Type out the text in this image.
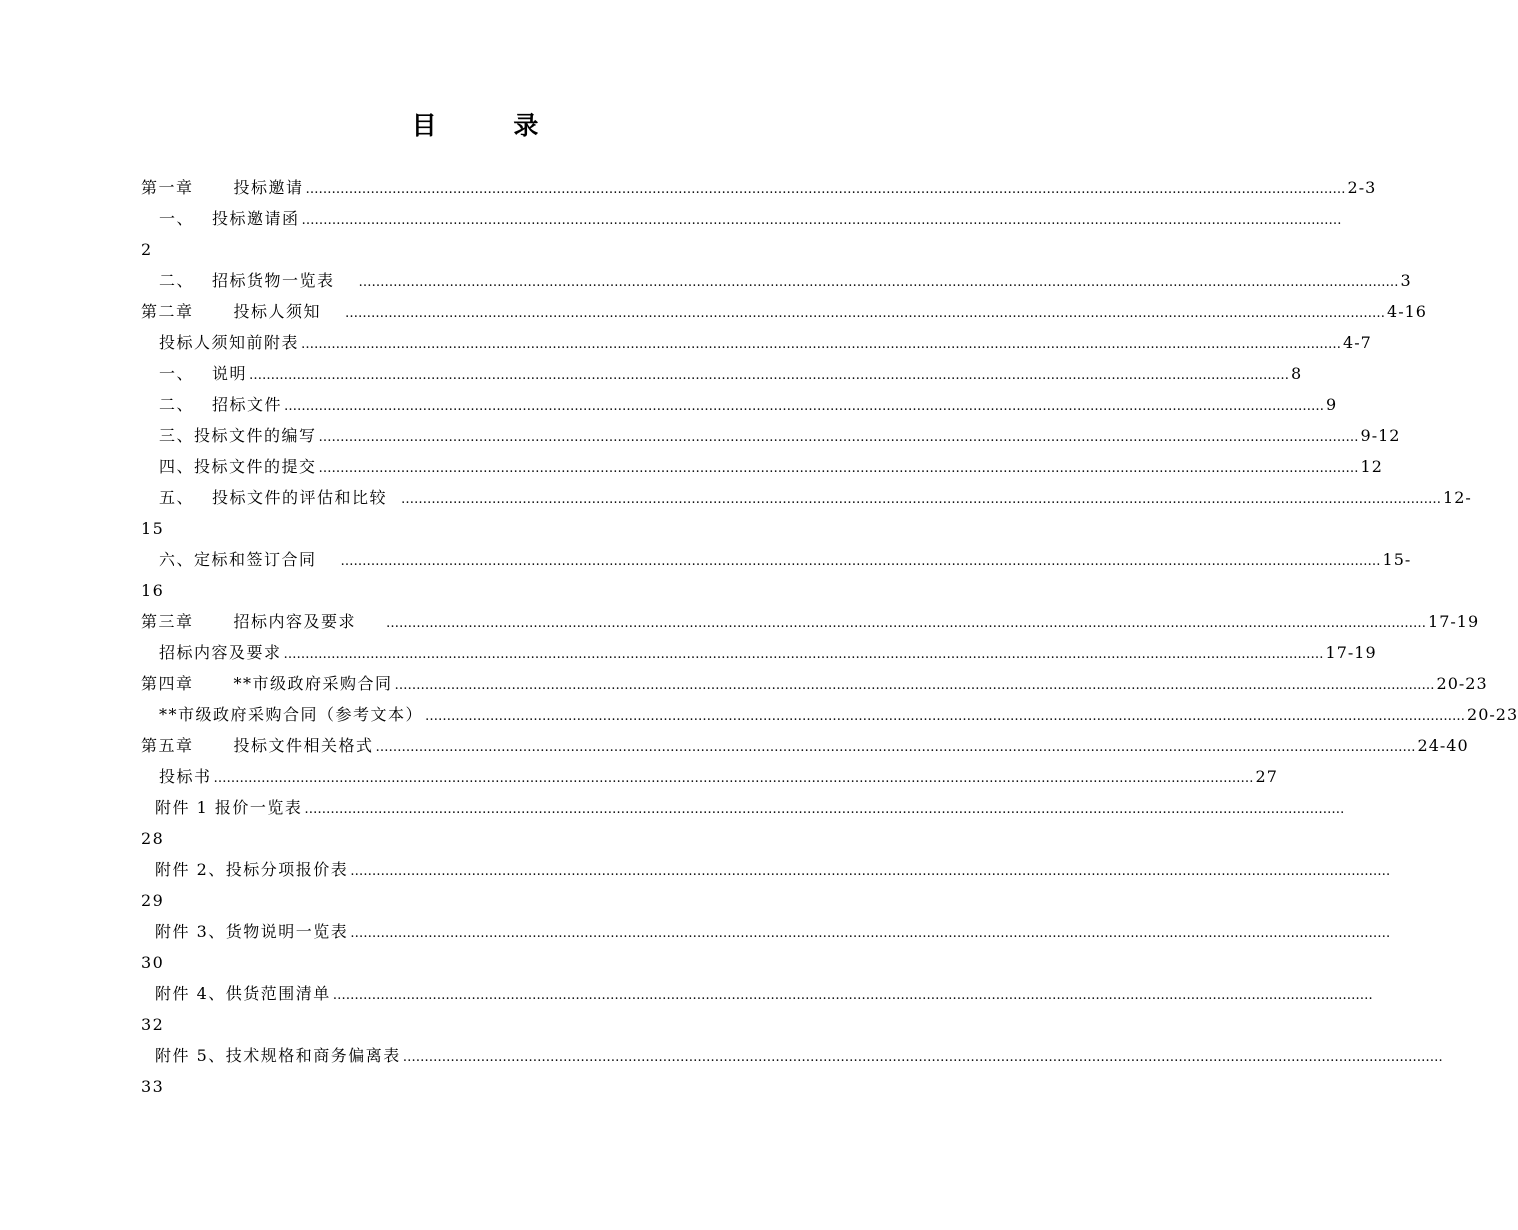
目 录
第一章	投标邀请 …………………………………………………………………………………………………………………………………………………………………………………………………………………… 2-3
一、 投标邀请函 ……………………………………………………………………………………………………………………………………………………………………………………………………………………
2
二、 招标货物一览表	…………………………………………………………………………………………………………………………………………………………………………………………………………………… 3
第二章	投标人须知	…………………………………………………………………………………………………………………………………………………………………………………………………………………… 4-16
投标人须知前附表 …………………………………………………………………………………………………………………………………………………………………………………………………………………… 4-7
一、 说明 …………………………………………………………………………………………………………………………………………………………………………………………………………………… 8
二、 招标文件 …………………………………………………………………………………………………………………………………………………………………………………………………………………… 9
三、投标文件的编写 …………………………………………………………………………………………………………………………………………………………………………………………………………………… 9-12
四、投标文件的提交 …………………………………………………………………………………………………………………………………………………………………………………………………………………… 12
五、 投标文件的评估和比较	…………………………………………………………………………………………………………………………………………………………………………………………………………………… 12-
15
六、定标和签订合同	…………………………………………………………………………………………………………………………………………………………………………………………………………………… 15-
16
第三章	招标内容及要求	…………………………………………………………………………………………………………………………………………………………………………………………………………………… 17-19
招标内容及要求 …………………………………………………………………………………………………………………………………………………………………………………………………………………… 17-19
第四章	**市级政府采购合同 …………………………………………………………………………………………………………………………………………………………………………………………………………………… 20-23
**市级政府采购合同（参考文本） …………………………………………………………………………………………………………………………………………………………………………………………………………………… 20-23
第五章	投标文件相关格式 …………………………………………………………………………………………………………………………………………………………………………………………………………………… 24-40
投标书 …………………………………………………………………………………………………………………………………………………………………………………………………………………… 27
附件 1 报价一览表 ……………………………………………………………………………………………………………………………………………………………………………………………………………………
28
附件 2、投标分项报价表 ……………………………………………………………………………………………………………………………………………………………………………………………………………………
29
附件 3、货物说明一览表 ……………………………………………………………………………………………………………………………………………………………………………………………………………………
30
附件 4、供货范围清单 ……………………………………………………………………………………………………………………………………………………………………………………………………………………
32
附件 5、技术规格和商务偏离表 ……………………………………………………………………………………………………………………………………………………………………………………………………………………
33
